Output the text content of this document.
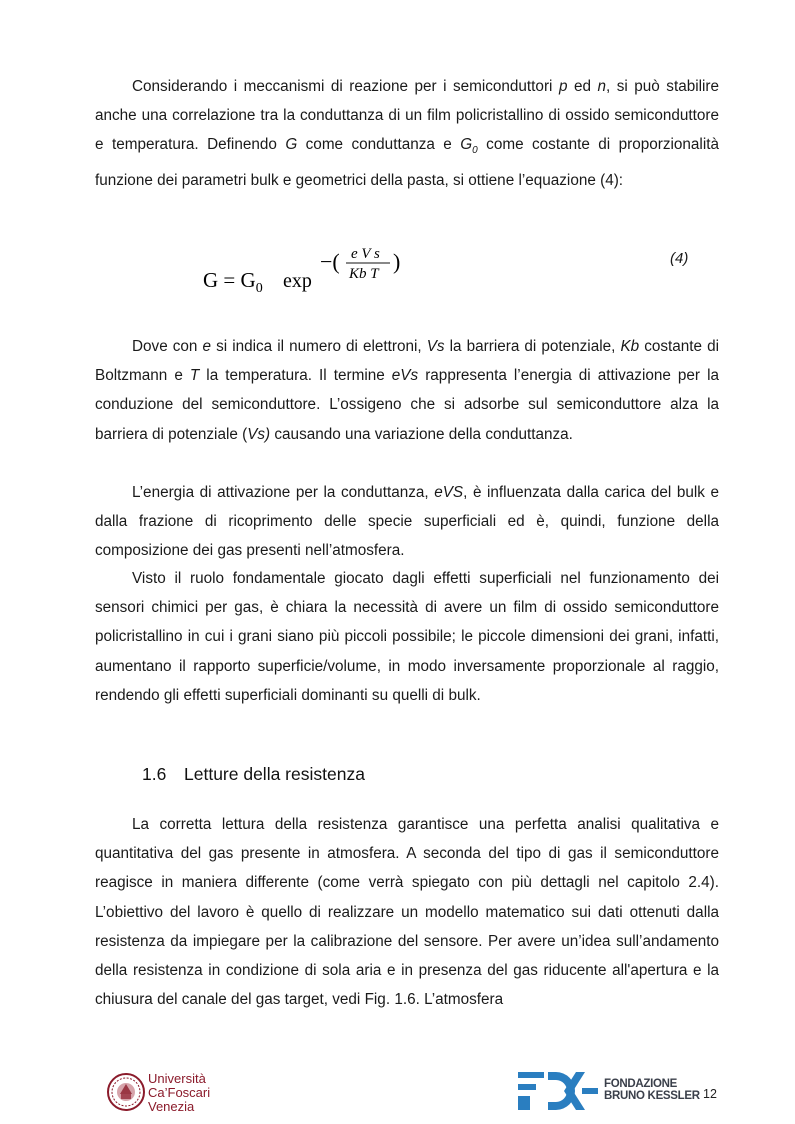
Considerando i meccanismi di reazione per i semiconduttori p ed n, si può stabilire anche una correlazione tra la conduttanza di un film policristallino di ossido semiconduttore e temperatura. Definendo G come conduttanza e $G_0$ come costante di proporzionalità funzione dei parametri bulk e geometrici della pasta, si ottiene l’equazione (4):

$G = G_0$ exp
−( e V s
Kb T )	(4)

Dove con e si indica il numero di elettroni, Vs la barriera di potenziale, Kb costante di Boltzmann e T la temperatura. Il termine eVs rappresenta l’energia di attivazione per la conduzione del semiconduttore. L’ossigeno che si adsorbe sul semiconduttore alza la barriera di potenziale (Vs) causando una variazione della conduttanza.

L’energia di attivazione per la conduttanza, eVS, è influenzata dalla carica del bulk e dalla frazione di ricoprimento delle specie superficiali ed è, quindi, funzione della composizione dei gas presenti nell’atmosfera.

Visto il ruolo fondamentale giocato dagli effetti superficiali nel funzionamento dei sensori chimici per gas, è chiara la necessità di avere un film di ossido semiconduttore policristallino in cui i grani siano più piccoli possibile; le piccole dimensioni dei grani, infatti, aumentano il rapporto superficie/volume, in modo inversamente proporzionale al raggio, rendendo gli effetti superficiali dominanti su quelli di bulk.

1.6 Letture della resistenza

La corretta lettura della resistenza garantisce una perfetta analisi qualitativa e quantitativa del gas presente in atmosfera. A seconda del tipo di gas il semiconduttore reagisce in maniera differente (come verrà spiegato con più dettagli nel capitolo 2.4). L’obiettivo del lavoro è quello di realizzare un modello matematico sui dati ottenuti dalla resistenza da impiegare per la calibrazione del sensore. Per avere un’idea sull’andamento della resistenza in condizione di sola aria e in presenza del gas riducente all'apertura e la chiusura del canale del gas target, vedi Fig. 1.6. L’atmosfera

Università
Ca’Foscari
Venezia
FONDAZIONE
BRUNO KESSLER 12
